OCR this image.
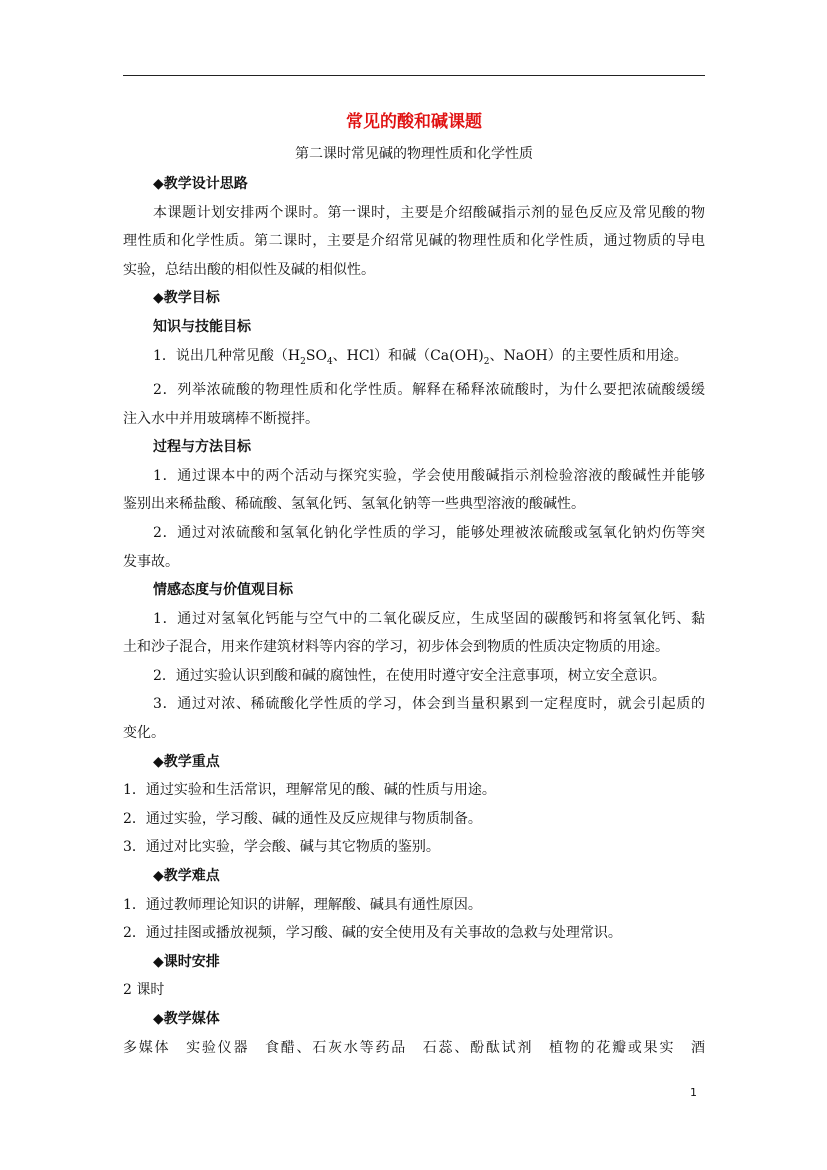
常见的酸和碱课题
第二课时常见碱的物理性质和化学性质
◆教学设计思路
本课题计划安排两个课时。第一课时，主要是介绍酸碱指示剂的显色反应及常见酸的物
理性质和化学性质。第二课时，主要是介绍常见碱的物理性质和化学性质，通过物质的导电
实验，总结出酸的相似性及碱的相似性。
◆教学目标
知识与技能目标
1．说出几种常见酸（$H_2SO_4$、HCl）和碱（$Ca(OH)_2$、NaOH）的主要性质和用途。
2．列举浓硫酸的物理性质和化学性质。解释在稀释浓硫酸时，为什么要把浓硫酸缓缓
注入水中并用玻璃棒不断搅拌。
过程与方法目标
1．通过课本中的两个活动与探究实验，学会使用酸碱指示剂检验溶液的酸碱性并能够
鉴别出来稀盐酸、稀硫酸、氢氧化钙、氢氧化钠等一些典型溶液的酸碱性。
2．通过对浓硫酸和氢氧化钠化学性质的学习，能够处理被浓硫酸或氢氧化钠灼伤等突
发事故。
情感态度与价值观目标
1．通过对氢氧化钙能与空气中的二氧化碳反应，生成坚固的碳酸钙和将氢氧化钙、黏
土和沙子混合，用来作建筑材料等内容的学习，初步体会到物质的性质决定物质的用途。
2．通过实验认识到酸和碱的腐蚀性，在使用时遵守安全注意事项，树立安全意识。
3．通过对浓、稀硫酸化学性质的学习，体会到当量积累到一定程度时，就会引起质的
变化。
◆教学重点
1．通过实验和生活常识，理解常见的酸、碱的性质与用途。
2．通过实验，学习酸、碱的通性及反应规律与物质制备。
3．通过对比实验，学会酸、碱与其它物质的鉴别。
◆教学难点
1．通过教师理论知识的讲解，理解酸、碱具有通性原因。
2．通过挂图或播放视频，学习酸、碱的安全使用及有关事故的急救与处理常识。
◆课时安排
2 课时
◆教学媒体
多媒体　实验仪器　食醋、石灰水等药品　石蕊、酚酞试剂　植物的花瓣或果实　酒
1
